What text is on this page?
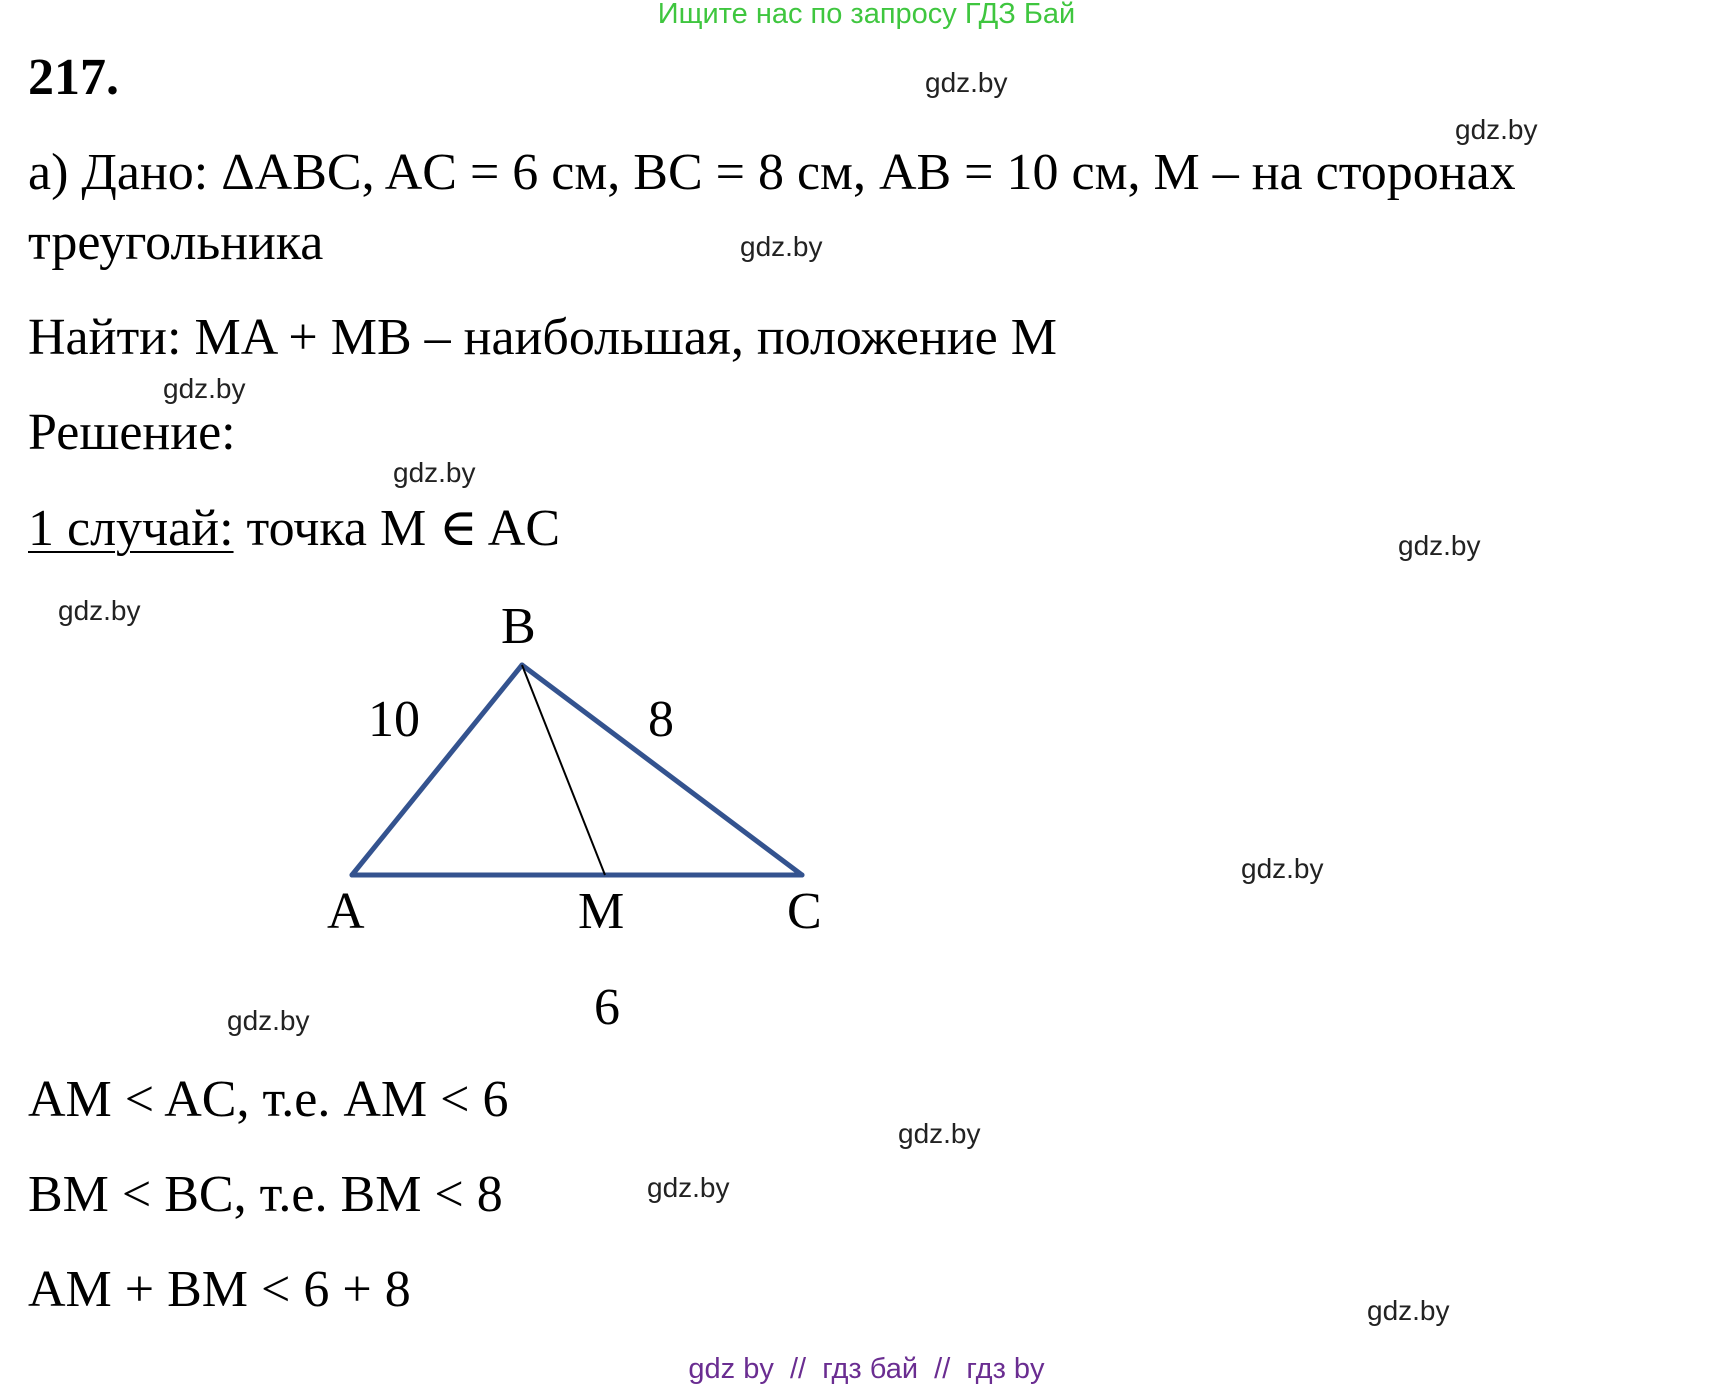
Ищите нас по запросу ГДЗ Бай
217.
а) Дано: ΔABC, AC = 6 см, BC = 8 см, AB = 10 см, M – на сторонах
треугольника
Найти: MA + MB – наибольшая, положение M
Решение:
1 случай: точка M ∈ AC
B
10	8
A	M	C
6
AM < AC, т.е. AM < 6
BM < BC, т.е. BM < 8
AM + BM < 6 + 8
gdz.by
gdz.by
gdz.by
gdz.by
gdz.by
gdz.by
gdz.by
gdz.by
gdz.by
gdz.by
gdz.by
gdz.by
gdz by  //  гдз бай  //  гдз by
